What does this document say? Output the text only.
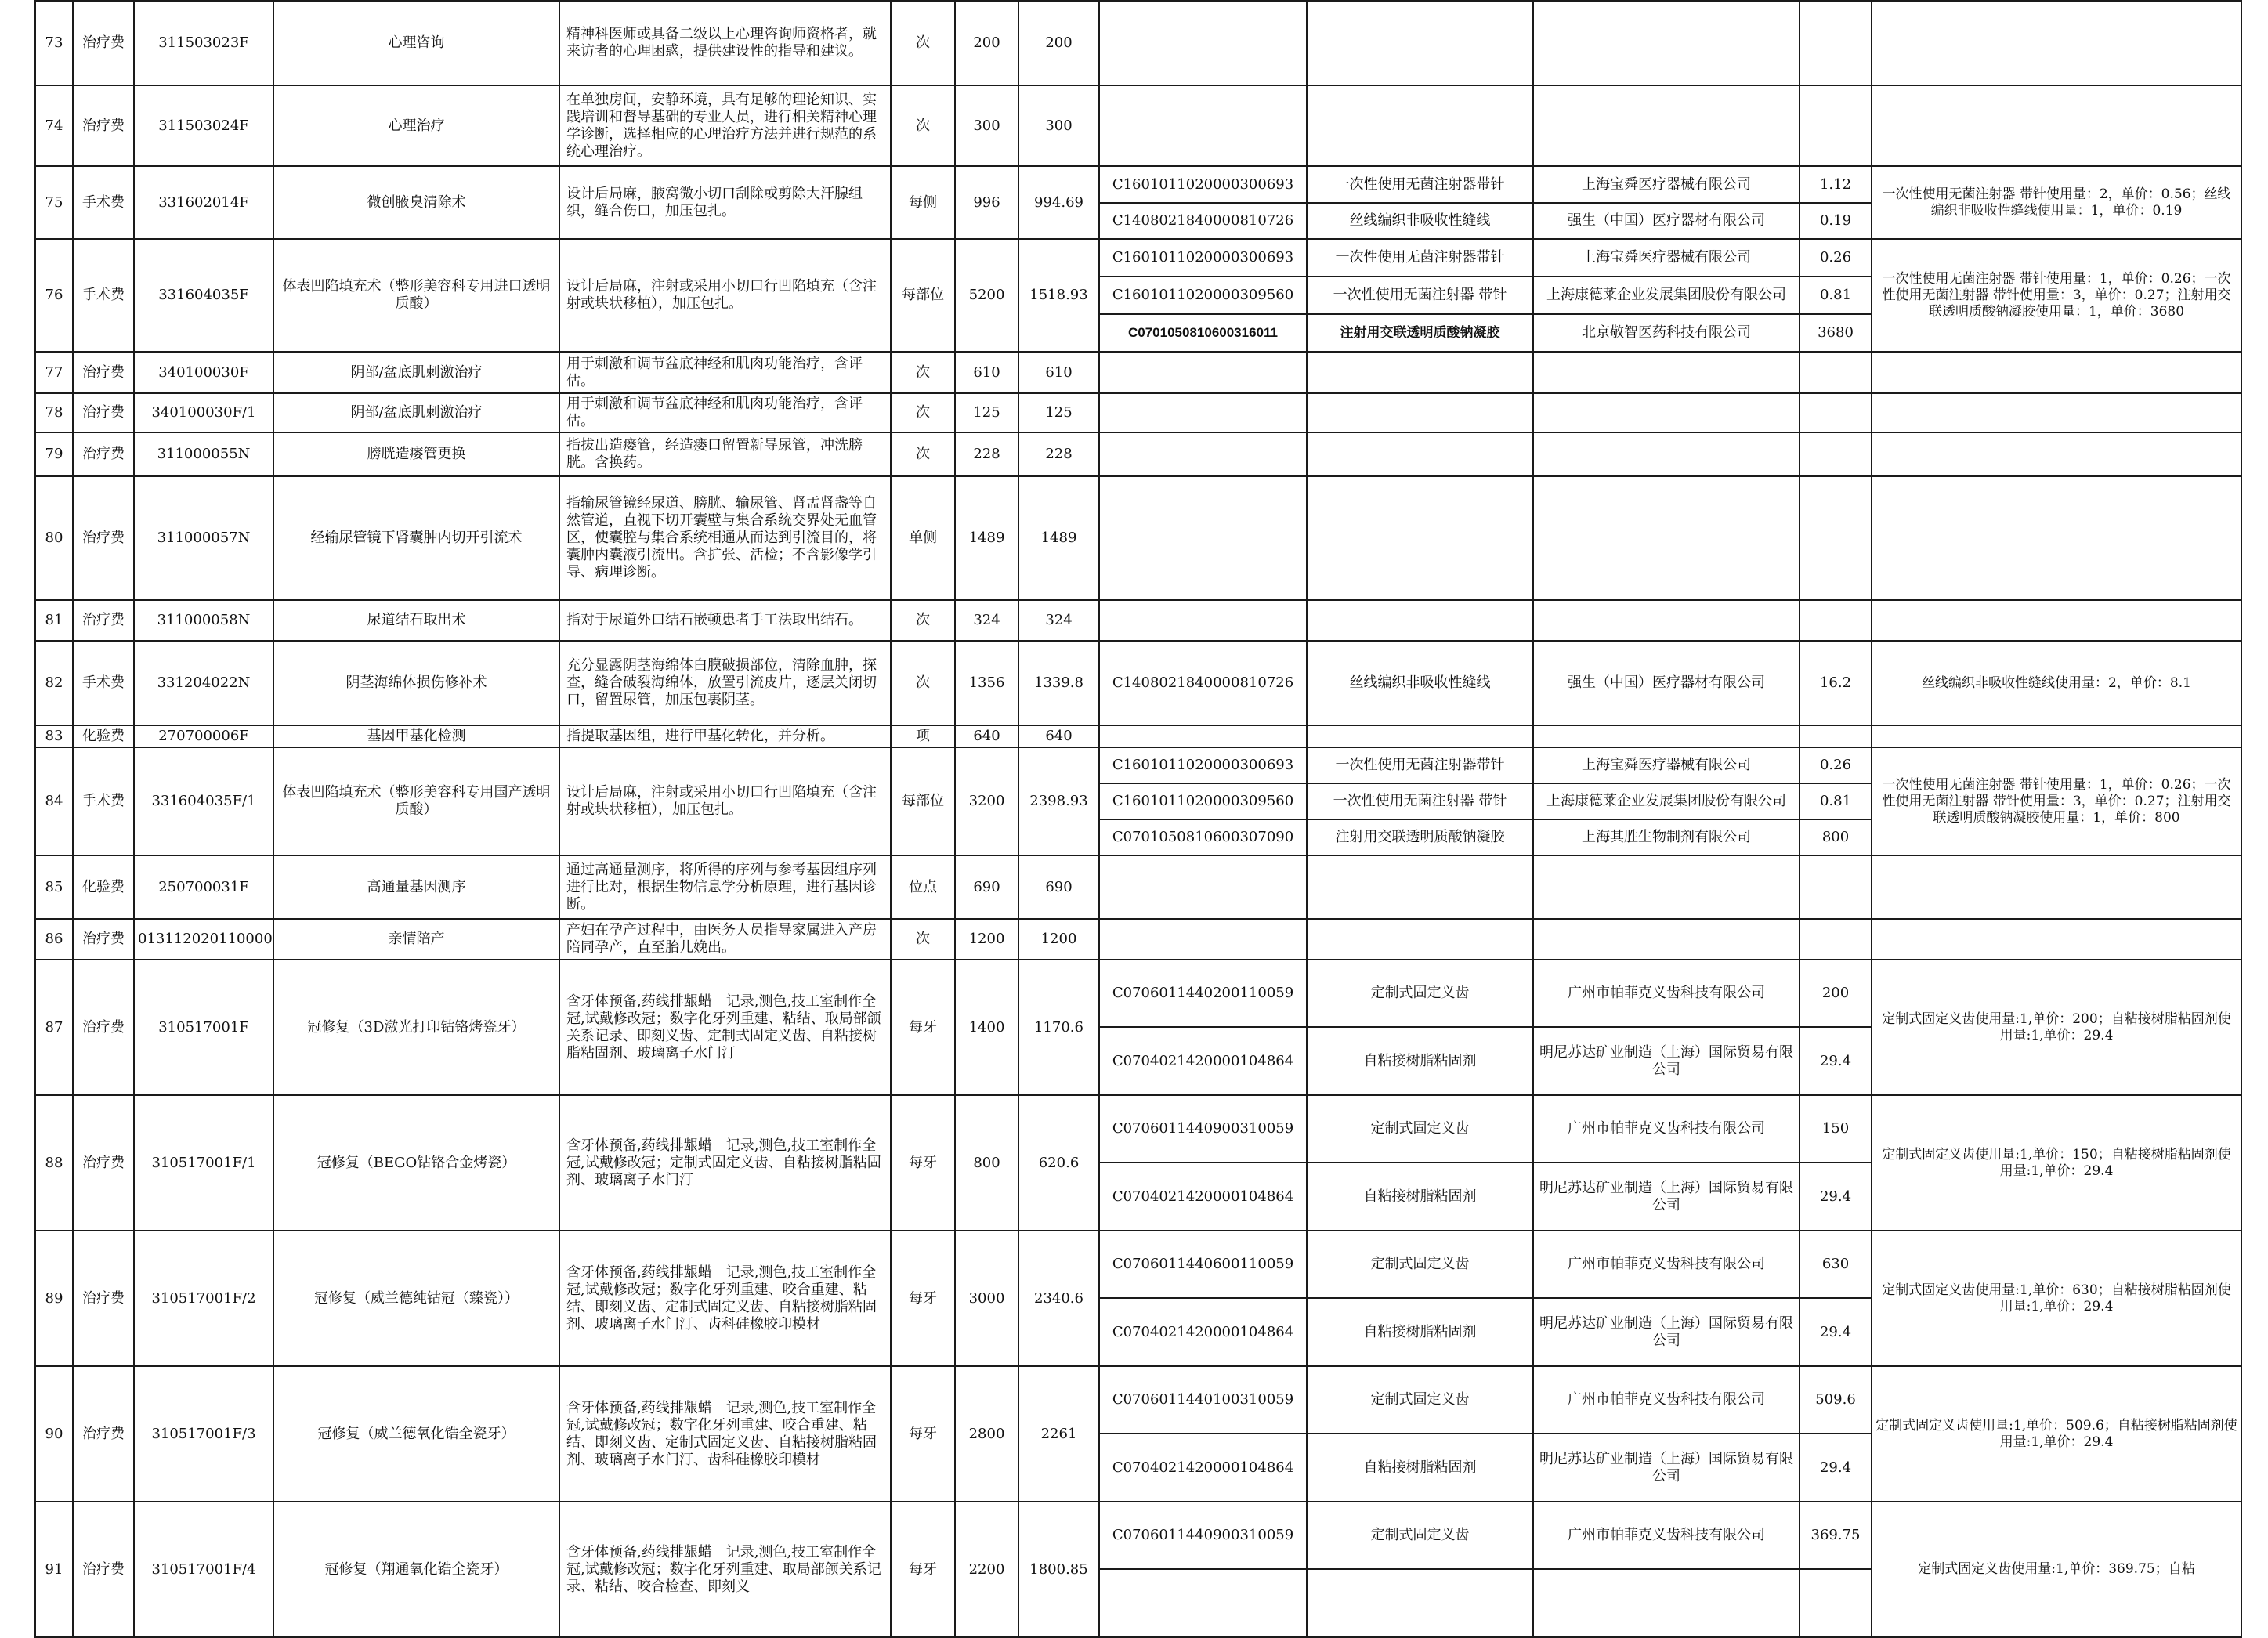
73	治疗费	311503023F	心理咨询	精神科医师或具备二级以上心理咨询师资格者，就来访者的心理困惑，提供建设性的指导和建议。	次	200	200					
74	治疗费	311503024F	心理治疗	在单独房间，安静环境，具有足够的理论知识、实践培训和督导基础的专业人员，进行相关精神心理学诊断，选择相应的心理治疗方法并进行规范的系统心理治疗。	次	300	300					
75	手术费	331602014F	微创腋臭清除术	设计后局麻，腋窝微小切口刮除或剪除大汗腺组织，缝合伤口，加压包扎。	每侧	996	994.69	C1601011020000300693	一次性使用无菌注射器带针	上海宝舜医疗器械有限公司	1.12	一次性使用无菌注射器 带针使用量：2，单价：0.56；丝线编织非吸收性缝线使用量：1，单价：0.19
								C1408021840000810726	丝线编织非吸收性缝线	强生（中国）医疗器材有限公司	0.19	
76	手术费	331604035F	体表凹陷填充术（整形美容科专用进口透明质酸）	设计后局麻，注射或采用小切口行凹陷填充（含注射或块状移植），加压包扎。	每部位	5200	1518.93	C1601011020000300693	一次性使用无菌注射器带针	上海宝舜医疗器械有限公司	0.26	一次性使用无菌注射器 带针使用量：1，单价：0.26；一次性使用无菌注射器 带针使用量：3，单价：0.27；注射用交联透明质酸钠凝胶使用量：1，单价：3680
								C1601011020000309560	一次性使用无菌注射器 带针	上海康德莱企业发展集团股份有限公司	0.81	
								C0701050810600316011	注射用交联透明质酸钠凝胶	北京敬智医药科技有限公司	3680	
77	治疗费	340100030F	阴部/盆底肌刺激治疗	用于刺激和调节盆底神经和肌肉功能治疗，含评估。	次	610	610					
78	治疗费	340100030F/1	阴部/盆底肌刺激治疗	用于刺激和调节盆底神经和肌肉功能治疗，含评估。	次	125	125					
79	治疗费	311000055N	膀胱造瘘管更换	指拔出造瘘管，经造瘘口留置新导尿管，冲洗膀胱。含换药。	次	228	228					
80	治疗费	311000057N	经输尿管镜下肾囊肿内切开引流术	指输尿管镜经尿道、膀胱、输尿管、肾盂肾盏等自然管道，直视下切开囊壁与集合系统交界处无血管区，使囊腔与集合系统相通从而达到引流目的，将囊肿内囊液引流出。含扩张、活检；不含影像学引导、病理诊断。	单侧	1489	1489					
81	治疗费	311000058N	尿道结石取出术	指对于尿道外口结石嵌顿患者手工法取出结石。	次	324	324					
82	手术费	331204022N	阴茎海绵体损伤修补术	充分显露阴茎海绵体白膜破损部位，清除血肿，探查，缝合破裂海绵体，放置引流皮片，逐层关闭切口，留置尿管，加压包裹阴茎。	次	1356	1339.8	C1408021840000810726	丝线编织非吸收性缝线	强生（中国）医疗器材有限公司	16.2	丝线编织非吸收性缝线使用量：2，单价：8.1
83	化验费	270700006F	基因甲基化检测	指提取基因组，进行甲基化转化，并分析。	项	640	640					
84	手术费	331604035F/1	体表凹陷填充术（整形美容科专用国产透明质酸）	设计后局麻，注射或采用小切口行凹陷填充（含注射或块状移植），加压包扎。	每部位	3200	2398.93	C1601011020000300693	一次性使用无菌注射器带针	上海宝舜医疗器械有限公司	0.26	一次性使用无菌注射器 带针使用量：1，单价：0.26；一次性使用无菌注射器 带针使用量：3，单价：0.27；注射用交联透明质酸钠凝胶使用量：1，单价：800
								C1601011020000309560	一次性使用无菌注射器 带针	上海康德莱企业发展集团股份有限公司	0.81	
								C0701050810600307090	注射用交联透明质酸钠凝胶	上海其胜生物制剂有限公司	800	
85	化验费	250700031F	高通量基因测序	通过高通量测序，将所得的序列与参考基因组序列进行比对，根据生物信息学分析原理，进行基因诊断。	位点	690	690					
86	治疗费	013112020110000	亲情陪产	产妇在孕产过程中，由医务人员指导家属进入产房陪同孕产，直至胎儿娩出。	次	1200	1200					
87	治疗费	310517001F	冠修复（3D激光打印钴铬烤瓷牙）	含牙体预备,药线排龈蜡　记录,测色,技工室制作全冠,试戴修改冠；数字化牙列重建、粘结、取局部颌关系记录、即刻义齿、定制式固定义齿、自粘接树脂粘固剂、玻璃离子水门汀	每牙	1400	1170.6	C0706011440200110059	定制式固定义齿	广州市帕菲克义齿科技有限公司	200	定制式固定义齿使用量:1,单价：200；自粘接树脂粘固剂使用量:1,单价：29.4
								C0704021420000104864	自粘接树脂粘固剂	明尼苏达矿业制造（上海）国际贸易有限公司	29.4	
88	治疗费	310517001F/1	冠修复（BEGO钴铬合金烤瓷）	含牙体预备,药线排龈蜡　记录,测色,技工室制作全冠,试戴修改冠；定制式固定义齿、自粘接树脂粘固剂、玻璃离子水门汀	每牙	800	620.6	C0706011440900310059	定制式固定义齿	广州市帕菲克义齿科技有限公司	150	定制式固定义齿使用量:1,单价：150；自粘接树脂粘固剂使用量:1,单价：29.4
								C0704021420000104864	自粘接树脂粘固剂	明尼苏达矿业制造（上海）国际贸易有限公司	29.4	
89	治疗费	310517001F/2	冠修复（威兰德纯钴冠（臻瓷））	含牙体预备,药线排龈蜡　记录,测色,技工室制作全冠,试戴修改冠；数字化牙列重建、咬合重建、粘结、即刻义齿、定制式固定义齿、自粘接树脂粘固剂、玻璃离子水门汀、齿科硅橡胶印模材	每牙	3000	2340.6	C0706011440600110059	定制式固定义齿	广州市帕菲克义齿科技有限公司	630	定制式固定义齿使用量:1,单价：630；自粘接树脂粘固剂使用量:1,单价：29.4
								C0704021420000104864	自粘接树脂粘固剂	明尼苏达矿业制造（上海）国际贸易有限公司	29.4	
90	治疗费	310517001F/3	冠修复（威兰德氧化锆全瓷牙）	含牙体预备,药线排龈蜡　记录,测色,技工室制作全冠,试戴修改冠；数字化牙列重建、咬合重建、粘结、即刻义齿、定制式固定义齿、自粘接树脂粘固剂、玻璃离子水门汀、齿科硅橡胶印模材	每牙	2800	2261	C0706011440100310059	定制式固定义齿	广州市帕菲克义齿科技有限公司	509.6	定制式固定义齿使用量:1,单价：509.6；自粘接树脂粘固剂使用量:1,单价：29.4
								C0704021420000104864	自粘接树脂粘固剂	明尼苏达矿业制造（上海）国际贸易有限公司	29.4	
91	治疗费	310517001F/4	冠修复（翔通氧化锆全瓷牙）	含牙体预备,药线排龈蜡　记录,测色,技工室制作全冠,试戴修改冠；数字化牙列重建、取局部颌关系记录、粘结、咬合检查、即刻义	每牙	2200	1800.85	C0706011440900310059	定制式固定义齿	广州市帕菲克义齿科技有限公司	369.75	定制式固定义齿使用量:1,单价：369.75；自粘
